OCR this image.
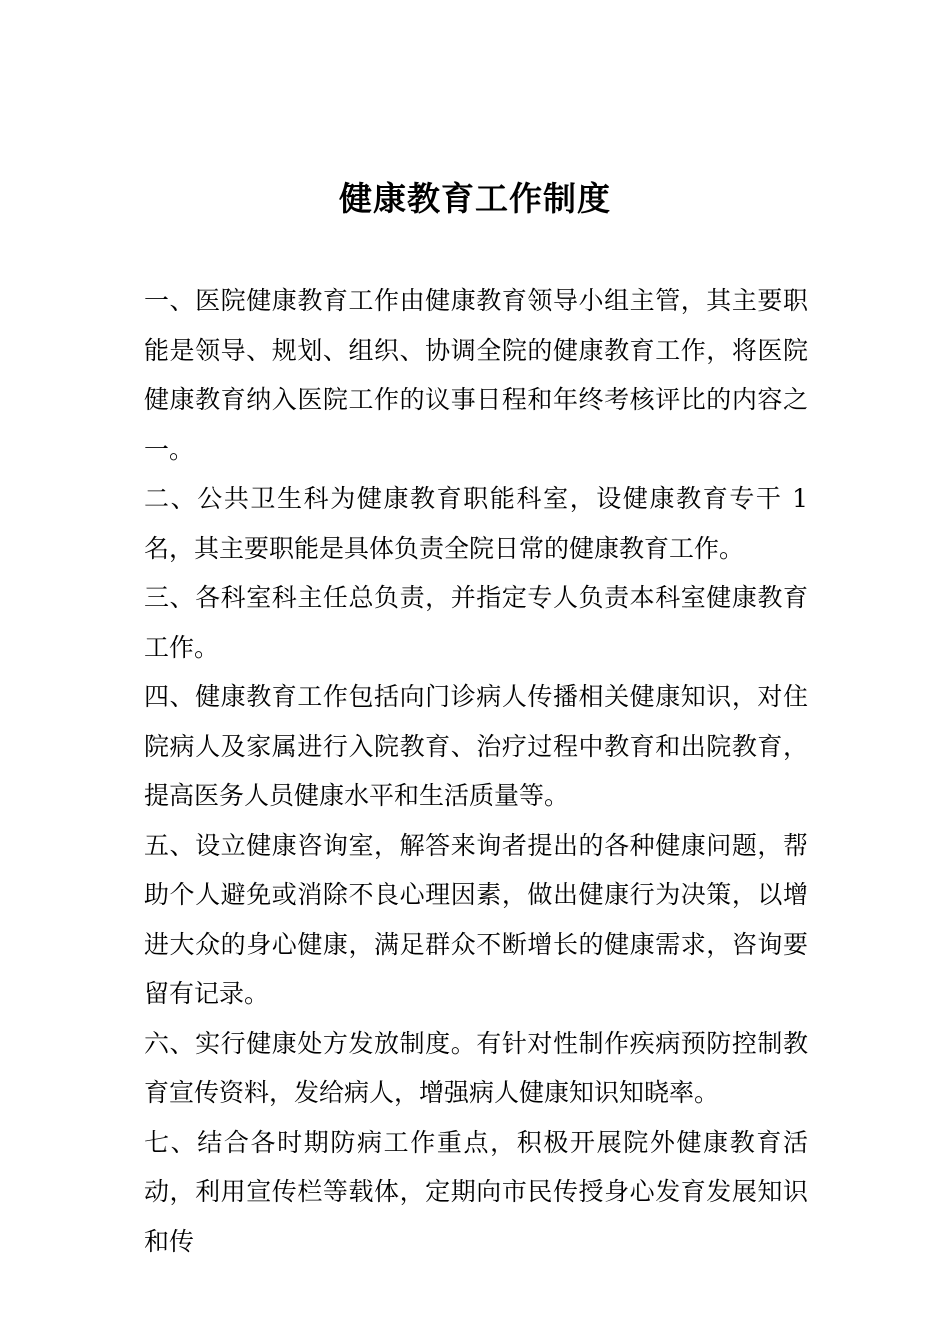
健康教育工作制度

一、医院健康教育工作由健康教育领导小组主管，其主要职能是领导、规划、组织、协调全院的健康教育工作，将医院健康教育纳入医院工作的议事日程和年终考核评比的内容之一。

二、公共卫生科为健康教育职能科室，设健康教育专干 1 名，其主要职能是具体负责全院日常的健康教育工作。

三、各科室科主任总负责，并指定专人负责本科室健康教育工作。

四、健康教育工作包括向门诊病人传播相关健康知识，对住院病人及家属进行入院教育、治疗过程中教育和出院教育，提高医务人员健康水平和生活质量等。

五、设立健康咨询室，解答来询者提出的各种健康问题，帮助个人避免或消除不良心理因素，做出健康行为决策，以增进大众的身心健康，满足群众不断增长的健康需求，咨询要留有记录。

六、实行健康处方发放制度。有针对性制作疾病预防控制教育宣传资料，发给病人，增强病人健康知识知晓率。

七、结合各时期防病工作重点，积极开展院外健康教育活动，利用宣传栏等载体，定期向市民传授身心发育发展知识和传
